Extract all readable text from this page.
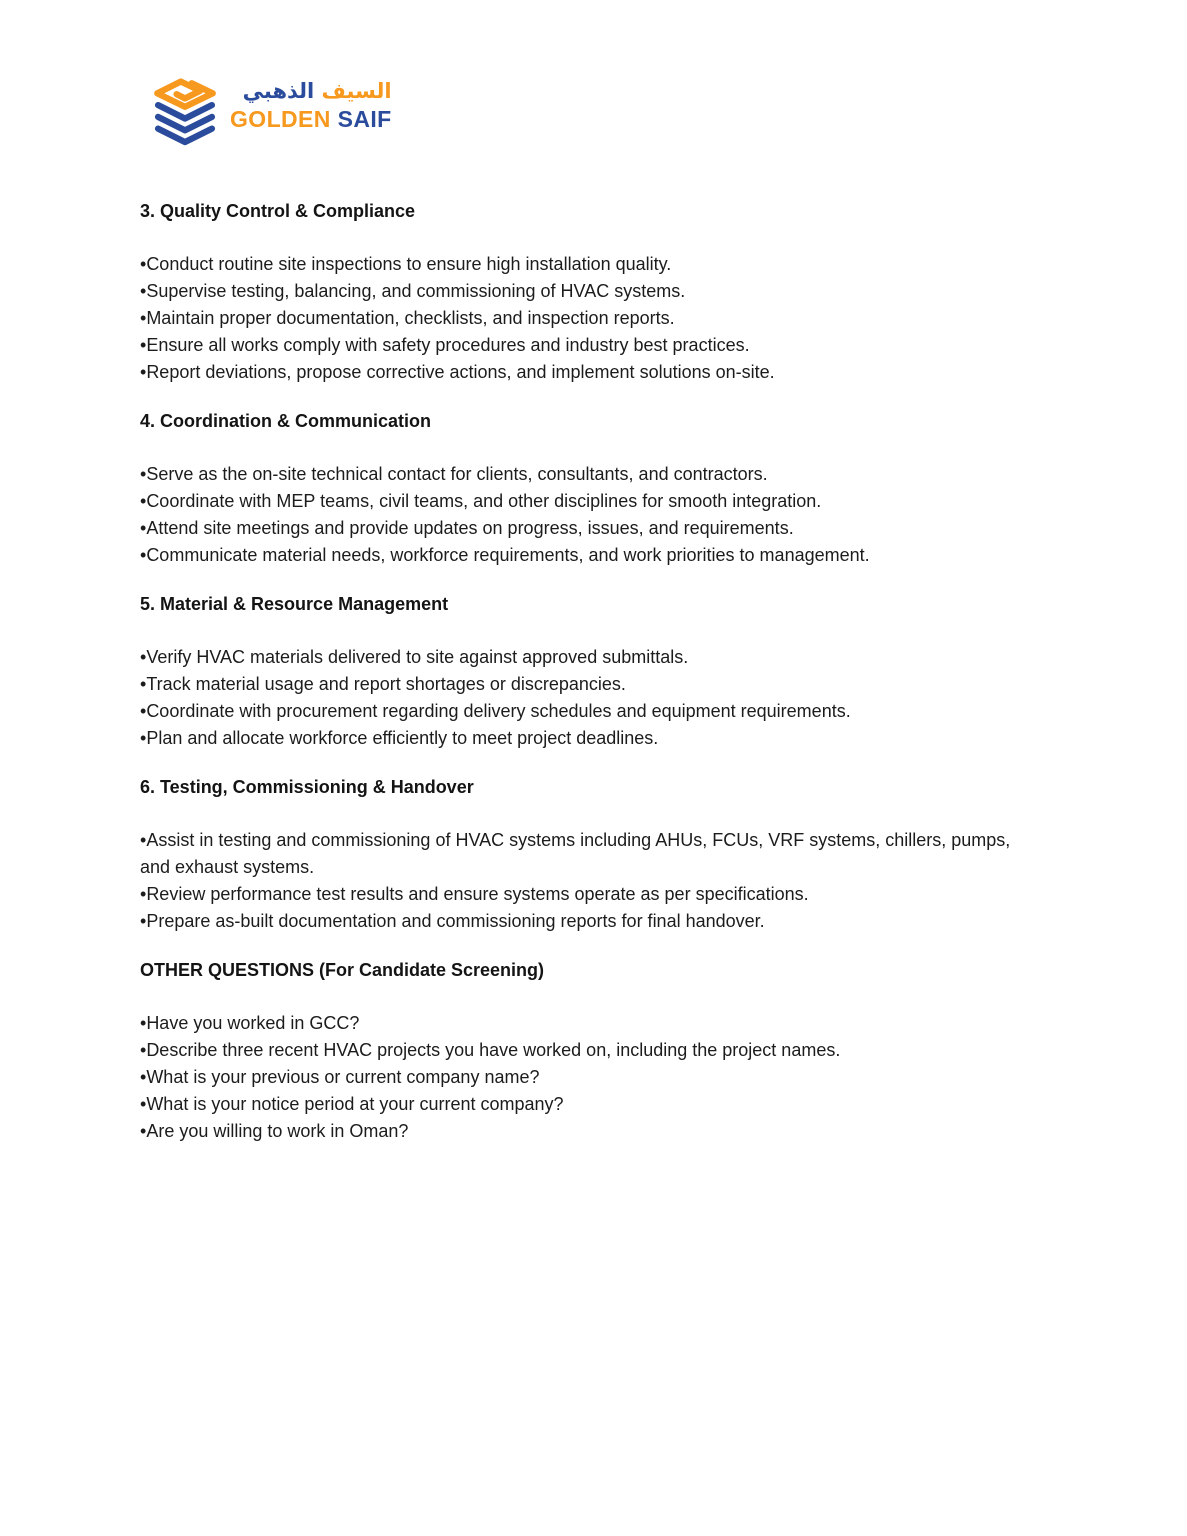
السيف الذهبي
GOLDEN SAIF
3. Quality Control & Compliance

• Conduct routine site inspections to ensure high installation quality.

• Supervise testing, balancing, and commissioning of HVAC systems.

• Maintain proper documentation, checklists, and inspection reports.

• Ensure all works comply with safety procedures and industry best practices.

• Report deviations, propose corrective actions, and implement solutions on-site.

4. Coordination & Communication

• Serve as the on-site technical contact for clients, consultants, and contractors.

• Coordinate with MEP teams, civil teams, and other disciplines for smooth integration.

• Attend site meetings and provide updates on progress, issues, and requirements.

• Communicate material needs, workforce requirements, and work priorities to management.

5. Material & Resource Management

• Verify HVAC materials delivered to site against approved submittals.

• Track material usage and report shortages or discrepancies.

• Coordinate with procurement regarding delivery schedules and equipment requirements.

• Plan and allocate workforce efficiently to meet project deadlines.

6. Testing, Commissioning & Handover

• Assist in testing and commissioning of HVAC systems including AHUs, FCUs, VRF systems, chillers, pumps, and exhaust systems.

• Review performance test results and ensure systems operate as per specifications.

• Prepare as-built documentation and commissioning reports for final handover.

OTHER QUESTIONS (For Candidate Screening)

• Have you worked in GCC?

• Describe three recent HVAC projects you have worked on, including the project names.

• What is your previous or current company name?

• What is your notice period at your current company?

• Are you willing to work in Oman?
